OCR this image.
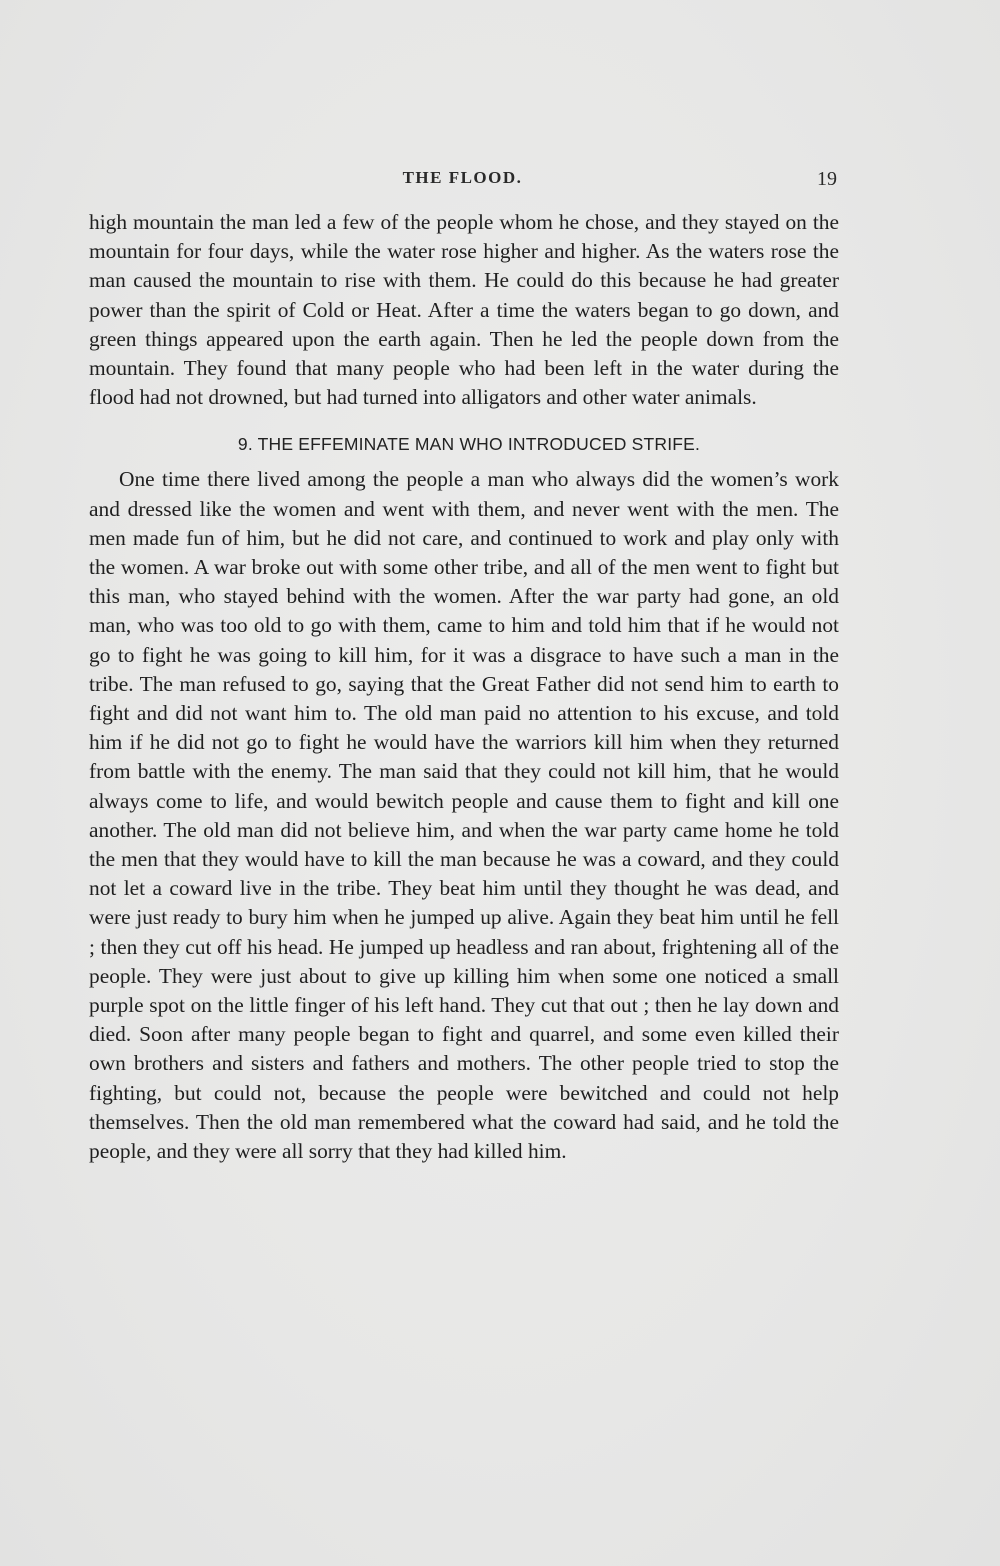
THE FLOOD.	19

high mountain the man led a few of the people whom he chose, and they stayed on the mountain for four days, while the water rose higher and higher. As the waters rose the man caused the mountain to rise with them. He could do this because he had greater power than the spirit of Cold or Heat. After a time the waters began to go down, and green things appeared upon the earth again. Then he led the people down from the mountain. They found that many people who had been left in the water during the flood had not drowned, but had turned into alligators and other water animals.

9. THE EFFEMINATE MAN WHO INTRODUCED STRIFE.

One time there lived among the people a man who always did the women’s work and dressed like the women and went with them, and never went with the men. The men made fun of him, but he did not care, and continued to work and play only with the women. A war broke out with some other tribe, and all of the men went to fight but this man, who stayed behind with the women. After the war party had gone, an old man, who was too old to go with them, came to him and told him that if he would not go to fight he was going to kill him, for it was a disgrace to have such a man in the tribe. The man refused to go, saying that the Great Father did not send him to earth to fight and did not want him to. The old man paid no attention to his excuse, and told him if he did not go to fight he would have the warriors kill him when they returned from battle with the enemy. The man said that they could not kill him, that he would always come to life, and would bewitch people and cause them to fight and kill one another. The old man did not believe him, and when the war party came home he told the men that they would have to kill the man because he was a coward, and they could not let a coward live in the tribe. They beat him until they thought he was dead, and were just ready to bury him when he jumped up alive. Again they beat him until he fell ; then they cut off his head. He jumped up headless and ran about, frightening all of the people. They were just about to give up killing him when some one noticed a small purple spot on the little finger of his left hand. They cut that out ; then he lay down and died. Soon after many people began to fight and quarrel, and some even killed their own brothers and sisters and fathers and mothers. The other people tried to stop the fighting, but could not, because the people were bewitched and could not help themselves. Then the old man remembered what the coward had said, and he told the people, and they were all sorry that they had killed him.
